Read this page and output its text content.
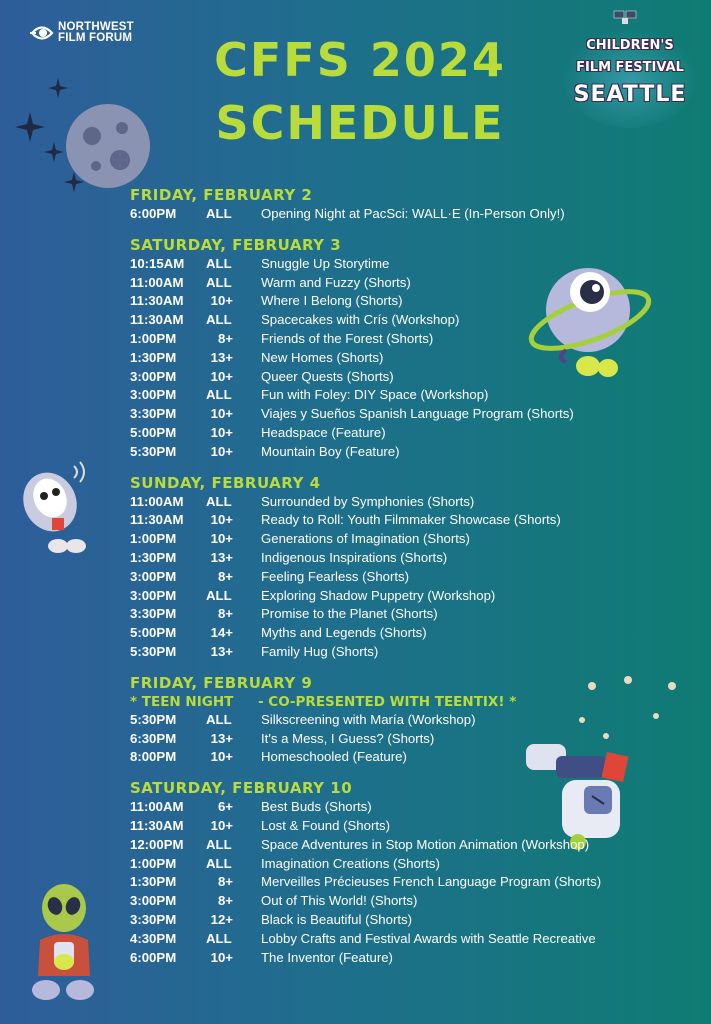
NORTHWEST
FILM FORUM	CFFS 2024
SCHEDULE
CHILDREN'S
FILM FESTIVAL
SEATTLE
FRIDAY, FEBRUARY 2
6:00PM	ALL	Opening Night at PacSci: WALL·E (In-Person Only!)
SATURDAY, FEBRUARY 3
10:15AM	ALL	Snuggle Up Storytime
11:00AM	ALL	Warm and Fuzzy (Shorts)
11:30AM	10+	Where I Belong (Shorts)
11:30AM	ALL	Spacecakes with Crís (Workshop)
1:00PM	8+	Friends of the Forest (Shorts)
1:30PM	13+	New Homes (Shorts)
3:00PM	10+	Queer Quests (Shorts)
3:00PM	ALL	Fun with Foley: DIY Space (Workshop)
3:30PM	10+	Viajes y Sueños Spanish Language Program (Shorts)
5:00PM	10+	Headspace (Feature)
5:30PM	10+	Mountain Boy (Feature)
SUNDAY, FEBRUARY 4
11:00AM	ALL	Surrounded by Symphonies (Shorts)
11:30AM	10+	Ready to Roll: Youth Filmmaker Showcase (Shorts)
1:00PM	10+	Generations of Imagination (Shorts)
1:30PM	13+	Indigenous Inspirations (Shorts)
3:00PM	8+	Feeling Fearless (Shorts)
3:00PM	ALL	Exploring Shadow Puppetry (Workshop)
3:30PM	8+	Promise to the Planet (Shorts)
5:00PM	14+	Myths and Legends (Shorts)
5:30PM	13+	Family Hug (Shorts)
FRIDAY, FEBRUARY 9
* TEEN NIGHT	- CO-PRESENTED WITH TEENTIX! *
5:30PM	ALL	Silkscreening with María (Workshop)
6:30PM	13+	It's a Mess, I Guess? (Shorts)
8:00PM	10+	Homeschooled (Feature)
SATURDAY, FEBRUARY 10
11:00AM	6+	Best Buds (Shorts)
11:30AM	10+	Lost & Found (Shorts)
12:00PM	ALL	Space Adventures in Stop Motion Animation (Workshop)
1:00PM	ALL	Imagination Creations (Shorts)
1:30PM	8+	Merveilles Précieuses French Language Program (Shorts)
3:00PM	8+	Out of This World! (Shorts)
3:30PM	12+	Black is Beautiful (Shorts)
4:30PM	ALL	Lobby Crafts and Festival Awards with Seattle Recreative
6:00PM	10+	The Inventor (Feature)
